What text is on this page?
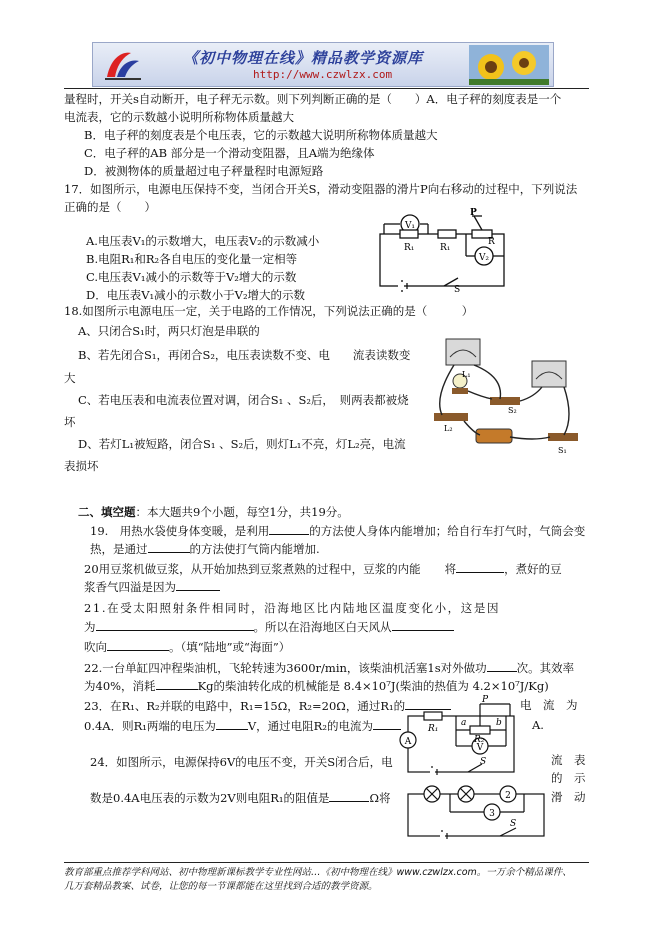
《初中物理在线》精品教学资源库
http://www.czwlzx.com
量程时，开关s自动断开，电子秤无示数。则下列判断正确的是（　　）A．电子秤的刻度表是一个
电流表，它的示数越小说明所称物体质量越大
B．电子秤的刻度表是个电压表，它的示数越大说明所称物体质量越大
C．电子秤的AB 部分是一个滑动变阻器，且A端为绝缘体
D．被测物体的质量超过电子秤量程时电源短路
17．如图所示，电源电压保持不变，当闭合开关S，滑动变阻器的滑片P向右移动的过程中，下列说法
正确的是（　　）
A.电压表V₁的示数增大，电压表V₂的示数减小
B.电阻R₁和R₂各自电压的变化量一定相等
C.电压表V₁减小的示数等于V₂增大的示数
D．电压表V₁减小的示数小于V₂增大的示数
V₁
V₂
R₁	R₁
R
P
S
18.如图所示电源电压一定，关于电路的工作情况，下列说法正确的是（　　　）
A、只闭合S₁时，两只灯泡是串联的
B、若先闭合S₁，再闭合S₂，电压表读数不变、电　　流表读数变
大
C、若电压表和电流表位置对调，闭合S₁ 、S₂后，　则两表都被烧
坏
D、若灯L₁被短路，闭合S₁ 、S₂后，则灯L₁不亮，灯L₂亮，电流
表损坏
L₁
L₂
S₂
S₁
二、填空题：本大题共9个小题，每空1分，共19分。
19.　用热水袋使身体变暖，是利用	的方法使人身体内能增加；给自行车打气时，气筒会变
热，是通过	的方法使打气筒内能增加.
20用豆浆机做豆浆，从开始加热到豆浆煮熟的过程中，豆浆的内能 将	，煮好的豆
浆香气四溢是因为
21.在受太阳照射条件相同时，沿海地区比内陆地区温度变化小，这是因
为	。所以在沿海地区白天风从
吹向	。（填“陆地”或“海面”）
22.一台单缸四冲程柴油机，飞轮转速为3600r/min，该柴油机活塞1s对外做功	次。其效率
为40%，消耗	Kg的柴油转化成的机械能是 8.4×10⁷J(柴油的热值为 4.2×10⁷J/Kg)
23．在R₁、R₂并联的电路中，R₁=15Ω，R₂=20Ω，通过R₁的	电　流　为
0.4A．则R₁两端的电压为	V，通过电阻R₂的电流为	A.
P
R₁
a
R₂
b
A
V
S
24．如图所示，电源保持6V的电压不变，开关S闭合后，电	流　表
的　示
数是0.4A电压表的示数为2V则电阻R₁的阻值是	Ω将	滑　动
2
3
S
教育部重点推荐学科网站、初中物理新课标教学专业性网站…《初中物理在线》www.czwlzx.com。一万余个精品课件、
几万套精品教案、试卷，让您的每一节课都能在这里找到合适的教学资源。
